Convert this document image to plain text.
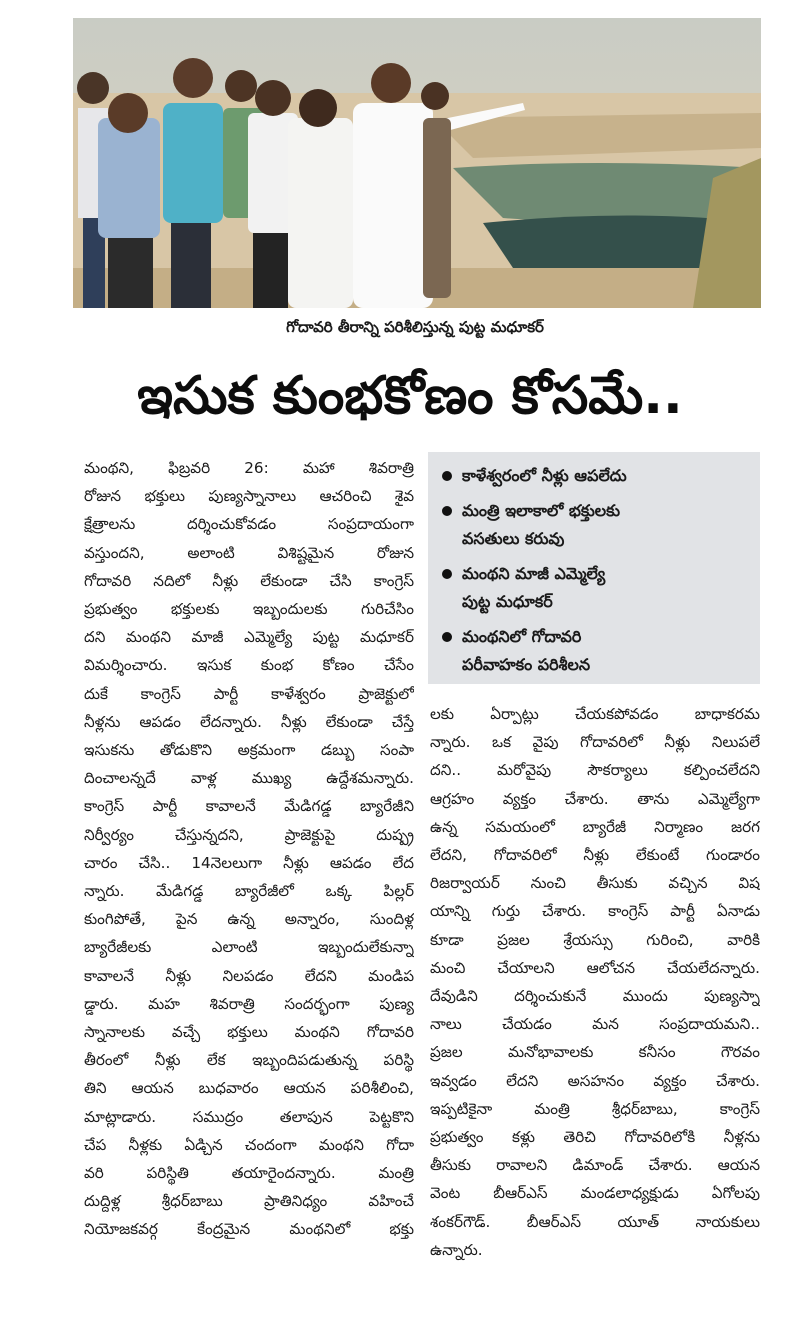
గోదావరి తీరాన్ని పరిశీలిస్తున్న పుట్ట మధూకర్
ఇసుక కుంభకోణం కోసమే..
మంథని, ఫిబ్రవరి 26: మహా శివరాత్రి
రోజున భక్తులు పుణ్యస్నానాలు ఆచరించి శైవ
క్షేత్రాలను దర్శించుకోవడం సంప్రదాయంగా
వస్తుందని, అలాంటి విశిష్టమైన రోజున
గోదావరి నదిలో నీళ్లు లేకుండా చేసి కాంగ్రెస్
ప్రభుత్వం భక్తులకు ఇబ్బందులకు గురిచేసిం
దని మంథని మాజీ ఎమ్మెల్యే పుట్ట మధూకర్
విమర్శించారు. ఇసుక కుంభ కోణం చేసేం
దుకే కాంగ్రెస్ పార్టీ కాళేశ్వరం ప్రాజెక్టులో
నీళ్లను ఆపడం లేదన్నారు. నీళ్లు లేకుండా చేస్తే
ఇసుకను తోడుకొని అక్రమంగా డబ్బు సంపా
దించాలన్నదే వాళ్ల ముఖ్య ఉద్దేశమన్నారు.
కాంగ్రెస్ పార్టీ కావాలనే మేడిగడ్డ బ్యారేజీని
నిర్వీర్యం చేస్తున్నదని, ప్రాజెక్టుపై దుష్ప్ర
చారం చేసి.. 14నెలలుగా నీళ్లు ఆపడం లేద
న్నారు. మేడిగడ్డ బ్యారేజీలో ఒక్క పిల్లర్
కుంగిపోతే, పైన ఉన్న అన్నారం, సుందిళ్ల
బ్యారేజీలకు ఎలాంటి ఇబ్బందులేకున్నా
కావాలనే నీళ్లు నిలపడం లేదని మండిప
డ్డారు. మహ శివరాత్రి సందర్భంగా పుణ్య
స్నానాలకు వచ్చే భక్తులు మంథని గోదావరి
తీరంలో నీళ్లు లేక ఇబ్బందిపడుతున్న పరిస్థి
తిని ఆయన బుధవారం ఆయన పరిశీలించి,
మాట్లాడారు. సముద్రం తలాపున పెట్టకొని
చేప నీళ్లకు ఏడ్చిన చందంగా మంథని గోదా
వరి పరిస్థితి తయారైందన్నారు. మంత్రి
దుద్దిళ్ల శ్రీధర్‌బాబు ప్రాతినిధ్యం వహించే
నియోజకవర్గ కేంద్రమైన మంథనిలో భక్తు
కాళేశ్వరంలో నీళ్లు ఆపలేదు
మంత్రి ఇలాకాలో భక్తులకు
వసతులు కరువు
మంథని మాజీ ఎమ్మెల్యే
పుట్ట మధూకర్
మంథనిలో గోదావరి
పరీవాహకం పరిశీలన
లకు ఏర్పాట్లు చేయకపోవడం బాధాకరమ
న్నారు. ఒక వైపు గోదావరిలో నీళ్లు నిలుపలే
దని.. మరోవైపు సౌకర్యాలు కల్పించలేదని
ఆగ్రహం వ్యక్తం చేశారు. తాను ఎమ్మెల్యేగా
ఉన్న సమయంలో బ్యారేజీ నిర్మాణం జరగ
లేదని, గోదావరిలో నీళ్లు లేకుంటే గుండారం
రిజర్వాయర్ నుంచి తీసుకు వచ్చిన విష
యాన్ని గుర్తు చేశారు. కాంగ్రెస్ పార్టీ ఏనాడు
కూడా ప్రజల శ్రేయస్సు గురించి, వారికి
మంచి చేయాలని ఆలోచన చేయలేదన్నారు.
దేవుడిని దర్శించుకునే ముందు పుణ్యస్నా
నాలు చేయడం మన సంప్రదాయమని..
ప్రజల మనోభావాలకు కనీసం గౌరవం
ఇవ్వడం లేదని అసహనం వ్యక్తం చేశారు.
ఇప్పటికైనా మంత్రి శ్రీధర్‌బాబు, కాంగ్రెస్
ప్రభుత్వం కళ్లు తెరిచి గోదావరిలోకి నీళ్లను
తీసుకు రావాలని డిమాండ్ చేశారు. ఆయన
వెంట బీఆర్ఎస్ మండలాధ్యక్షుడు ఏగోలపు
శంకర్‌గౌడ్. బీఆర్ఎస్ యూత్ నాయకులు
ఉన్నారు.
